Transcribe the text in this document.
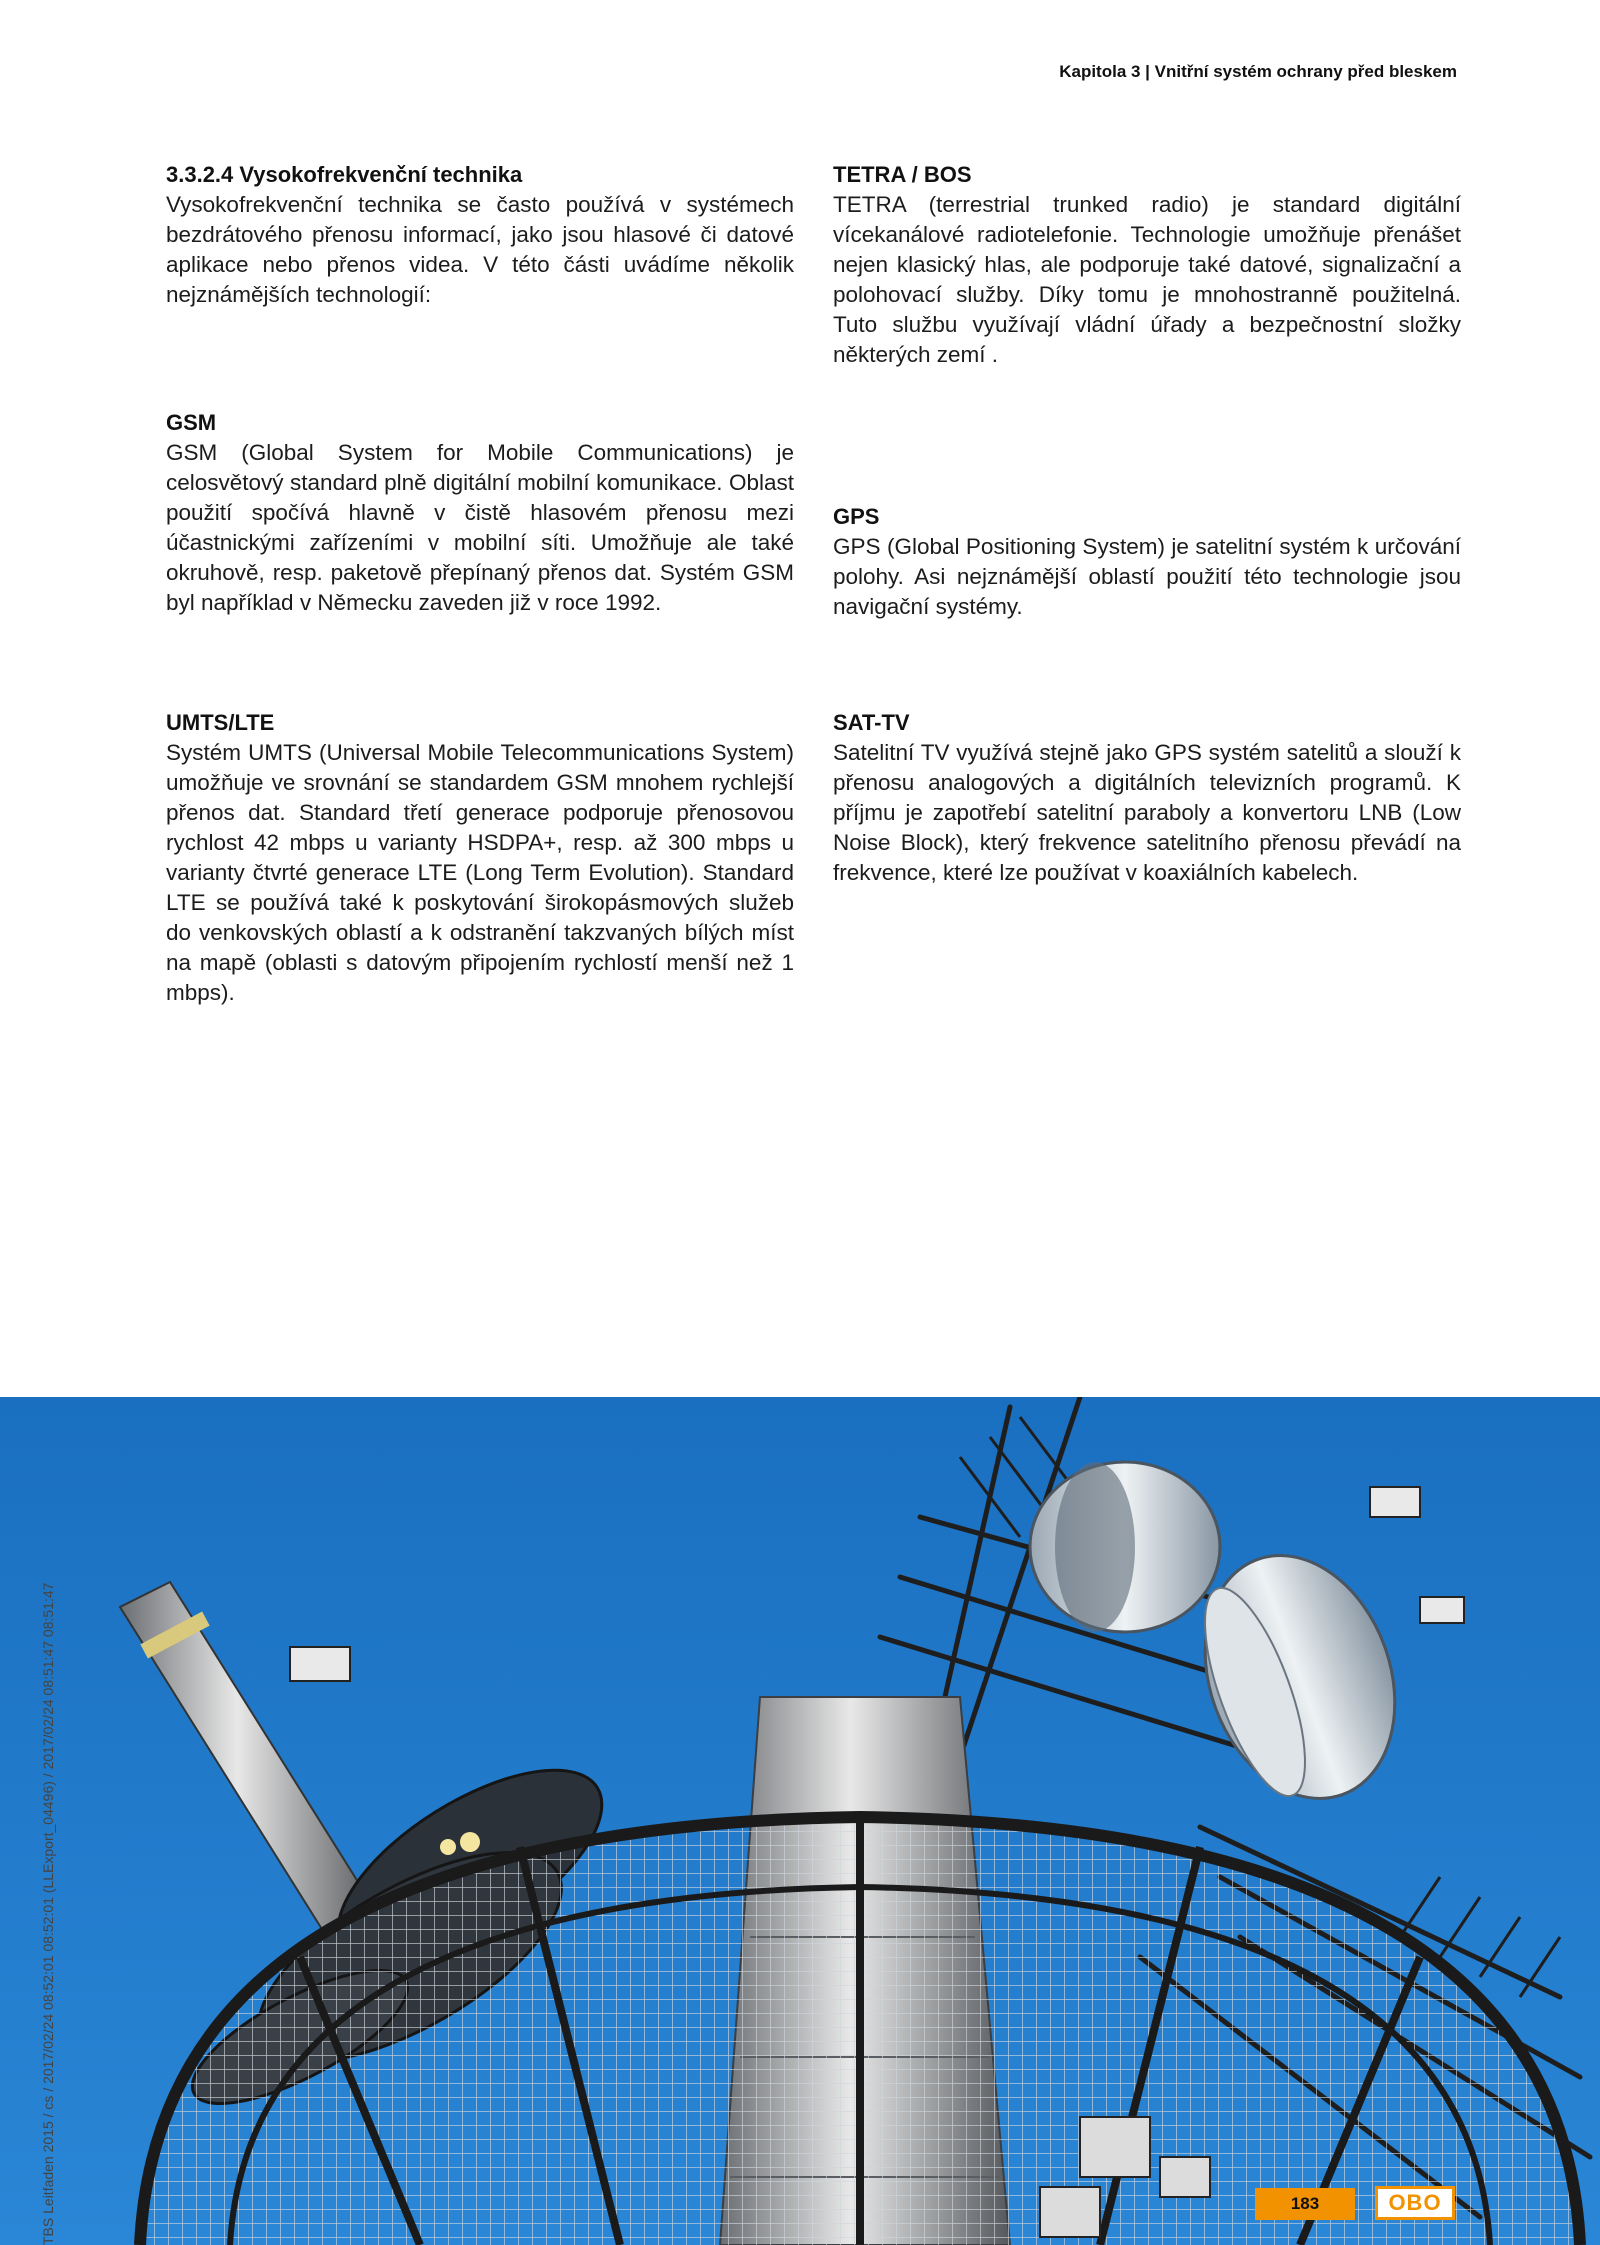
Kapitola 3 | Vnitřní systém ochrany před bleskem
3.3.2.4 Vysokofrekvenční technika

Vysokofrekvenční technika se často používá v systémech bezdrátového přenosu informací, jako jsou hlasové či datové aplikace nebo přenos videa. V této části uvádíme několik nejznámějších technologií:

GSM

GSM (Global System for Mobile Communications) je celosvětový standard plně digitální mobilní komunikace. Oblast použití spočívá hlavně v čistě hlasovém přenosu mezi účastnickými zařízeními v mobilní síti. Umožňuje ale také okruhově, resp. paketově přepínaný přenos dat. Systém GSM byl například v Německu zaveden již v roce 1992.

UMTS/LTE

Systém UMTS (Universal Mobile Telecommunications System) umožňuje ve srovnání se standardem GSM mnohem rychlejší přenos dat. Standard třetí generace podporuje přenosovou rychlost 42 mbps u varianty HSDPA+, resp. až 300 mbps u varianty čtvrté generace LTE (Long Term Evolution). Standard LTE se používá také k poskytování širokopásmových služeb do venkovských oblastí a k odstranění takzvaných bílých míst na mapě (oblasti s datovým připojením rychlostí menší než 1 mbps).

TETRA / BOS

TETRA (terrestrial trunked radio) je standard digitální vícekanálové radiotelefonie. Technologie umožňuje přenášet nejen klasický hlas, ale podporuje také datové, signalizační a polohovací služby. Díky tomu je mnohostranně použitelná. Tuto službu využívají vládní úřady a bezpečnostní složky některých zemí .

GPS

GPS (Global Positioning System) je satelitní systém k určování polohy. Asi nejznámější oblastí použití této technologie jsou navigační systémy.

SAT-TV

Satelitní TV využívá stejně jako GPS systém satelitů a slouží k přenosu analogových a digitálních televizních programů. K příjmu je zapotřebí satelitní paraboly a konvertoru LNB (Low Noise Block), který frekvence satelitního přenosu převádí na frekvence, které lze používat v koaxiálních kabelech.

TBS Leitfaden 2015 / cs / 2017/02/24 08:52:01 08:52:01 (LLExport_04496) / 2017/02/24 08:51:47 08:51:47	183	OBO
